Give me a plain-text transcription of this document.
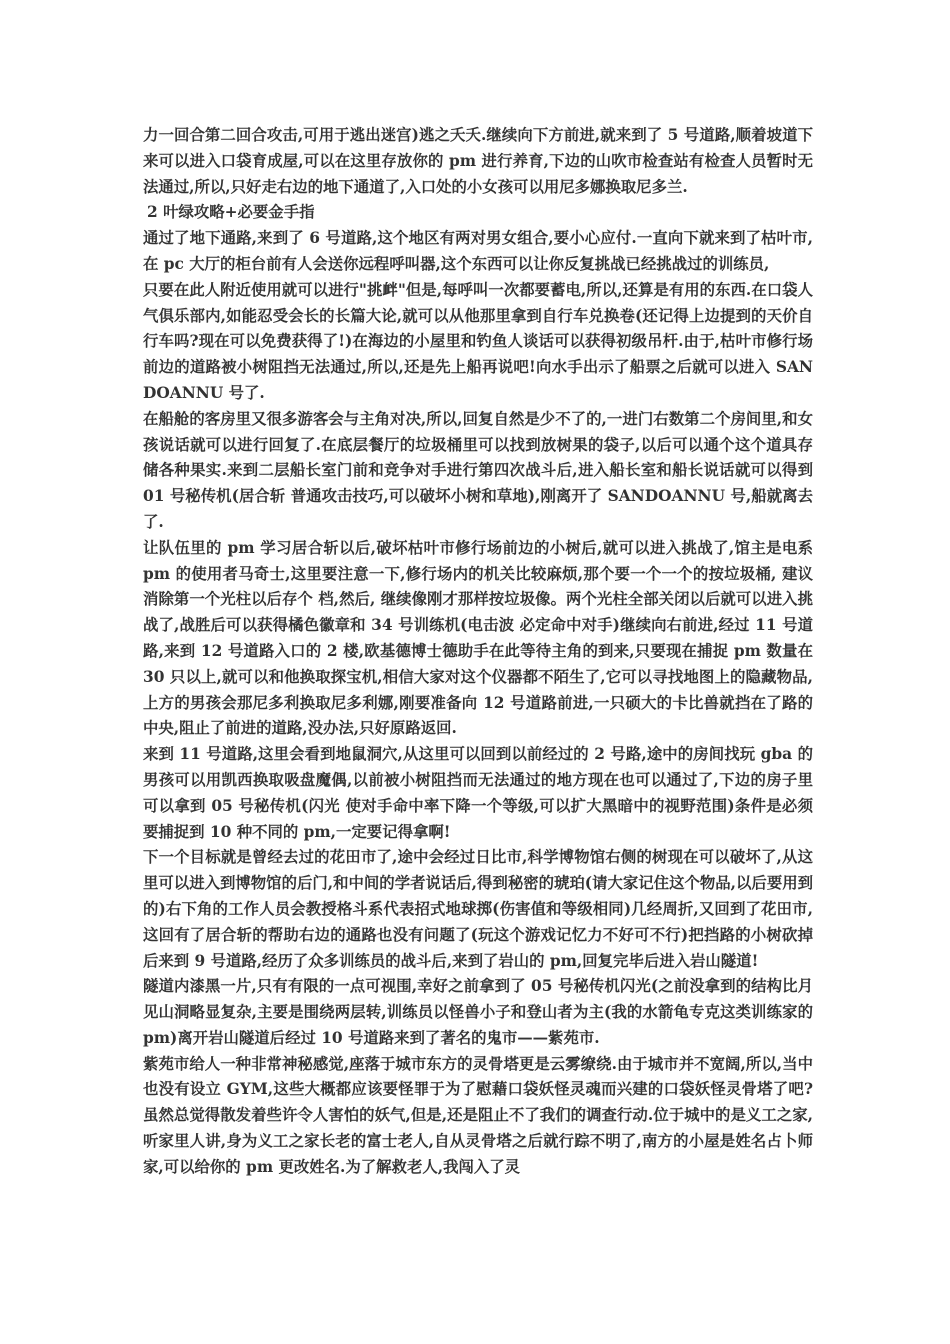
力一回合第二回合攻击,可用于逃出迷宫)逃之夭夭.继续向下方前进,就来到了 5 号道路,顺着坡道下来可以进入口袋育成屋,可以在这里存放你的 pm 进行养育,下边的山吹市检查站有检查人员暂时无法通过,所以,只好走右边的地下通道了,入口处的小女孩可以用尼多娜换取尼多兰.

2 叶绿攻略+必要金手指

通过了地下通路,来到了 6 号道路,这个地区有两对男女组合,要小心应付.一直向下就来到了枯叶市,在 pc 大厅的柜台前有人会送你远程呼叫器,这个东西可以让你反复挑战已经挑战过的训练员,

只要在此人附近使用就可以进行"挑衅"但是,每呼叫一次都要蓄电,所以,还算是有用的东西.在口袋人气俱乐部内,如能忍受会长的长篇大论,就可以从他那里拿到自行车兑换卷(还记得上边提到的天价自行车吗?现在可以免费获得了!)在海边的小屋里和钓鱼人谈话可以获得初级吊杆.由于,枯叶市修行场前边的道路被小树阻挡无法通过,所以,还是先上船再说吧!向水手出示了船票之后就可以进入 SANDOANNU 号了.

在船舱的客房里又很多游客会与主角对决,所以,回复自然是少不了的,一进门右数第二个房间里,和女孩说话就可以进行回复了.在底层餐厅的垃圾桶里可以找到放树果的袋子,以后可以通个这个道具存储各种果实.来到二层船长室门前和竞争对手进行第四次战斗后,进入船长室和船长说话就可以得到 01 号秘传机(居合斩 普通攻击技巧,可以破坏小树和草地),刚离开了 SANDOANNU 号,船就离去了.

让队伍里的 pm 学习居合斩以后,破坏枯叶市修行场前边的小树后,就可以进入挑战了,馆主是电系 pm 的使用者马奇士,这里要注意一下,修行场内的机关比较麻烦,那个要一个一个的按垃圾桶, 建议消除第一个光柱以后存个 档,然后, 继续像刚才那样按垃圾像。两个光柱全部关闭以后就可以进入挑战了,战胜后可以获得橘色徽章和 34 号训练机(电击波 必定命中对手)继续向右前进,经过 11 号道路,来到 12 号道路入口的 2 楼,欧基德博士德助手在此等待主角的到来,只要现在捕捉 pm 数量在 30 只以上,就可以和他换取探宝机,相信大家对这个仪器都不陌生了,它可以寻找地图上的隐藏物品,上方的男孩会那尼多利换取尼多利娜,刚要准备向 12 号道路前进,一只硕大的卡比兽就挡在了路的中央,阻止了前进的道路,没办法,只好原路返回.

来到 11 号道路,这里会看到地鼠洞穴,从这里可以回到以前经过的 2 号路,途中的房间找玩 gba 的男孩可以用凯西换取吸盘魔偶,以前被小树阻挡而无法通过的地方现在也可以通过了,下边的房子里可以拿到 05 号秘传机(闪光 使对手命中率下降一个等级,可以扩大黑暗中的视野范围)条件是必须要捕捉到 10 种不同的 pm,一定要记得拿啊!

下一个目标就是曾经去过的花田市了,途中会经过日比市,科学博物馆右侧的树现在可以破坏了,从这里可以进入到博物馆的后门,和中间的学者说话后,得到秘密的琥珀(请大家记住这个物品,以后要用到的)右下角的工作人员会教授格斗系代表招式地球掷(伤害值和等级相同)几经周折,又回到了花田市,这回有了居合斩的帮助右边的通路也没有问题了(玩这个游戏记忆力不好可不行)把挡路的小树砍掉后来到 9 号道路,经历了众多训练员的战斗后,来到了岩山的 pm,回复完毕后进入岩山隧道!

隧道内漆黑一片,只有有限的一点可视围,幸好之前拿到了 05 号秘传机闪光(之前没拿到的结构比月见山洞略显复杂,主要是围绕两层转,训练员以怪兽小子和登山者为主(我的水箭龟专克这类训练家的 pm)离开岩山隧道后经过 10 号道路来到了著名的鬼市——紫苑市.

紫苑市给人一种非常神秘感觉,座落于城市东方的灵骨塔更是云雾缭绕.由于城市并不宽阔,所以,当中也没有设立 GYM,这些大概都应该要怪罪于为了慰藉口袋妖怪灵魂而兴建的口袋妖怪灵骨塔了吧?虽然总觉得散发着些许令人害怕的妖气,但是,还是阻止不了我们的调查行动.位于城中的是义工之家,听家里人讲,身为义工之家长老的富士老人,自从灵骨塔之后就行踪不明了,南方的小屋是姓名占卜师家,可以给你的 pm 更改姓名.为了解救老人,我闯入了灵
